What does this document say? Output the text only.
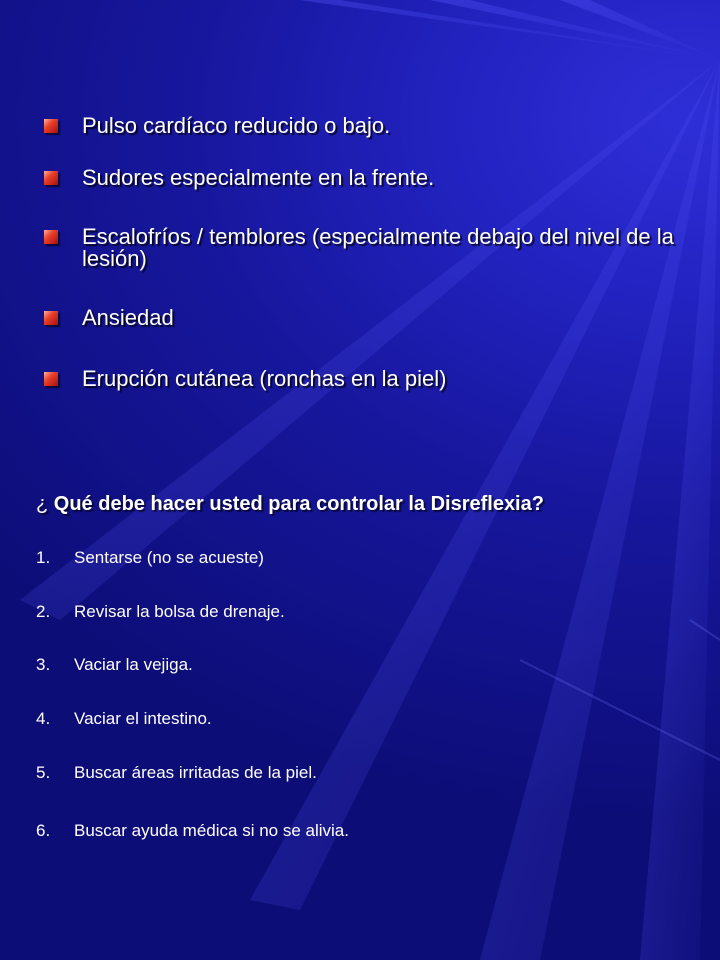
Pulso cardíaco reducido o bajo.
Sudores especialmente en la frente.
Escalofríos / temblores (especialmente debajo del nivel de la lesión)
Ansiedad
Erupción cutánea (ronchas en la piel)
¿ Qué debe hacer usted para controlar la Disreflexia?
1. Sentarse (no se acueste)
2. Revisar la bolsa de drenaje.
3. Vaciar la vejiga.
4. Vaciar el intestino.
5. Buscar áreas irritadas de la piel.
6. Buscar ayuda médica si no se alivia.
